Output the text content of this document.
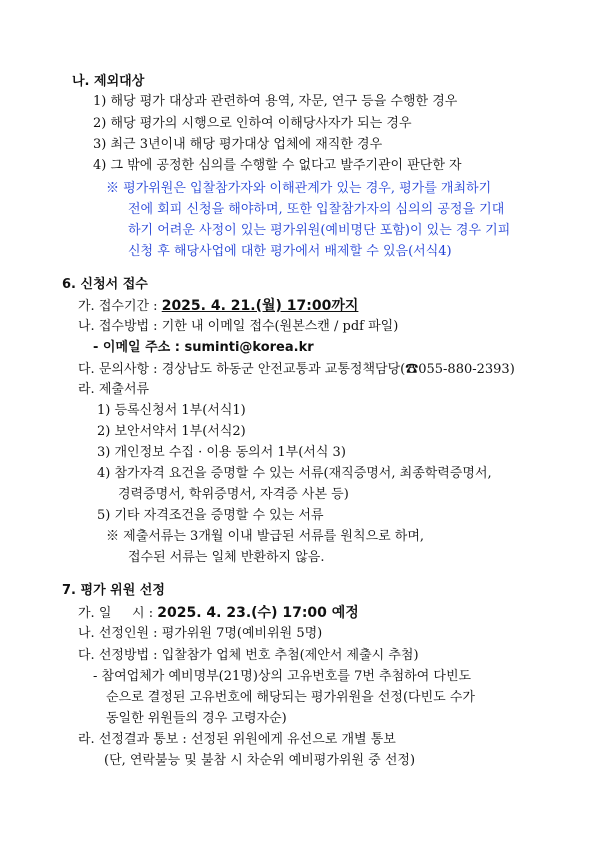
나. 제외대상
1) 해당 평가 대상과 관련하여 용역, 자문, 연구 등을 수행한 경우
2) 해당 평가의 시행으로 인하여 이해당사자가 되는 경우
3) 최근 3년이내 해당 평가대상 업체에 재직한 경우
4) 그 밖에 공정한 심의를 수행할 수 없다고 발주기관이 판단한 자
※ 평가위원은 입찰참가자와 이해관계가 있는 경우, 평가를 개최하기
전에 회피 신청을 해야하며, 또한 입찰참가자의 심의의 공정을 기대
하기 어려운 사정이 있는 평가위원(예비명단 포함)이 있는 경우 기피
신청 후 해당사업에 대한 평가에서 배제할 수 있음(서식4)
6. 신청서 접수
가. 접수기간 : 2025. 4. 21.(월) 17:00까지
나. 접수방법 : 기한 내 이메일 접수(원본스캔 / pdf 파일)
- 이메일 주소 : suminti@korea.kr
다. 문의사항 : 경상남도 하동군 안전교통과 교통정책담당(☎055-880-2393)
라. 제출서류
1) 등록신청서 1부(서식1)
2) 보안서약서 1부(서식2)
3) 개인정보 수집 · 이용 동의서 1부(서식 3)
4) 참가자격 요건을 증명할 수 있는 서류(재직증명서, 최종학력증명서,
경력증명서, 학위증명서, 자격증 사본 등)
5) 기타 자격조건을 증명할 수 있는 서류
※ 제출서류는 3개월 이내 발급된 서류를 원칙으로 하며,
접수된 서류는 일체 반환하지 않음.
7. 평가 위원 선정
가. 일     시 : 2025. 4. 23.(수) 17:00 예정
나. 선정인원 : 평가위원 7명(예비위원 5명)
다. 선정방법 : 입찰참가 업체 번호 추첨(제안서 제출시 추첨)
- 참여업체가 예비명부(21명)상의 고유번호를 7번 추첨하여 다빈도
순으로 결정된 고유번호에 해당되는 평가위원을 선정(다빈도 수가
동일한 위원들의 경우 고령자순)
라. 선정결과 통보 : 선정된 위원에게 유선으로 개별 통보
(단, 연락불능 및 불참 시 차순위 예비평가위원 중 선정)
